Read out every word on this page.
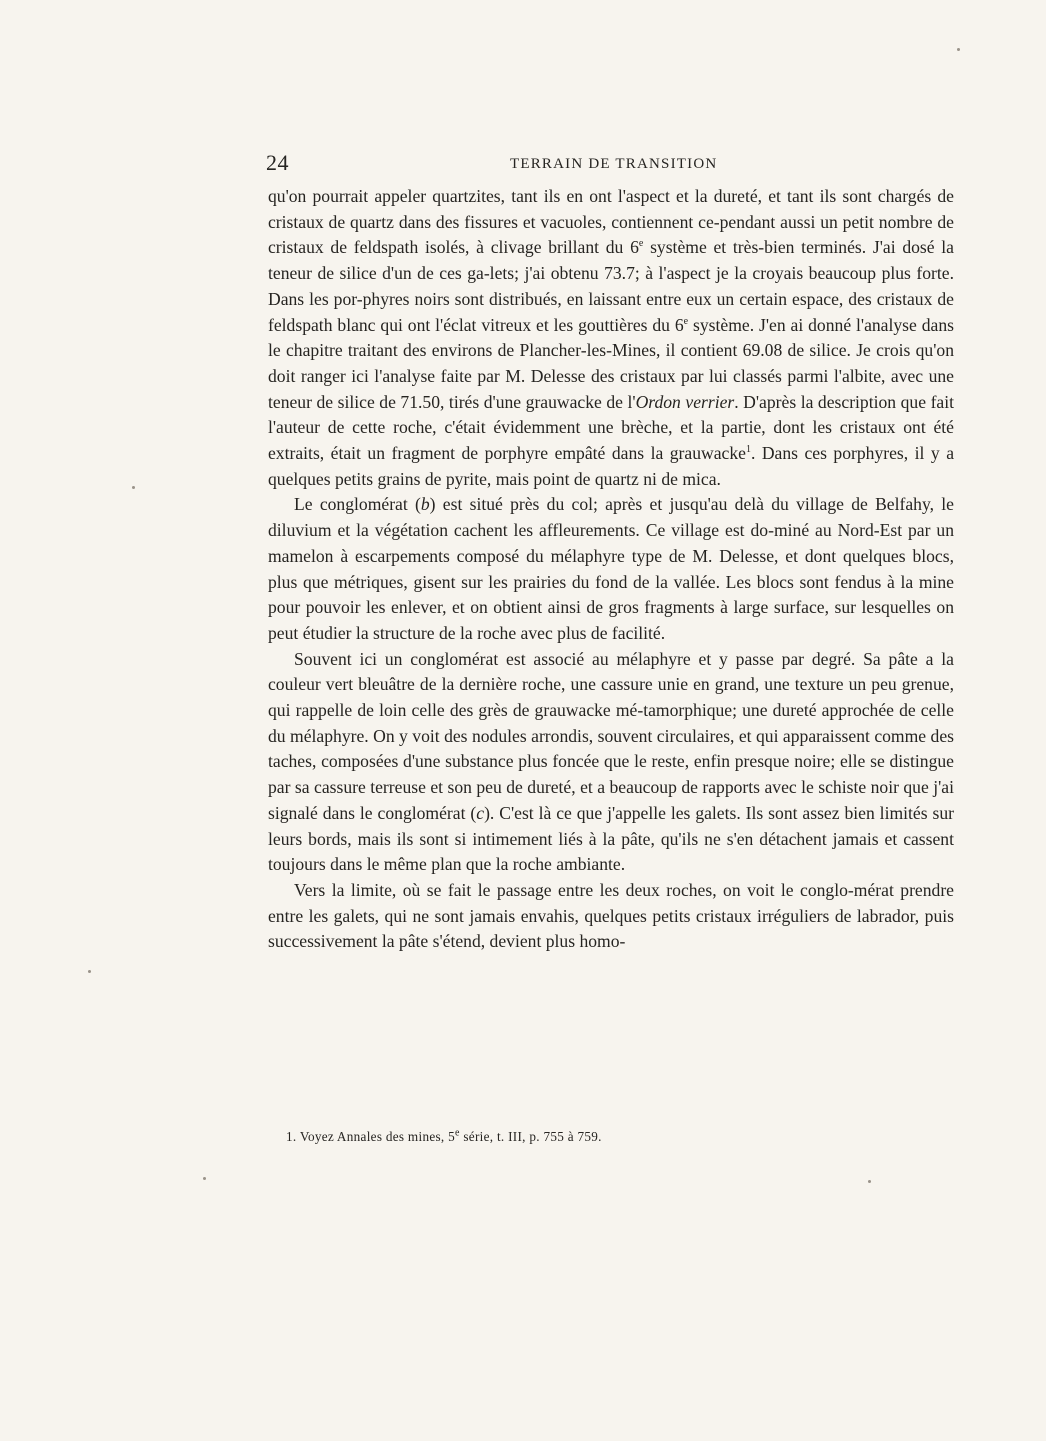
24	TERRAIN DE TRANSITION

qu'on pourrait appeler quartzites, tant ils en ont l'aspect et la dureté, et tant ils sont chargés de cristaux de quartz dans des fissures et vacuoles, contiennent ce-pendant aussi un petit nombre de cristaux de feldspath isolés, à clivage brillant du 6e système et très-bien terminés. J'ai dosé la teneur de silice d'un de ces ga-lets; j'ai obtenu 73.7; à l'aspect je la croyais beaucoup plus forte. Dans les por-phyres noirs sont distribués, en laissant entre eux un certain espace, des cristaux de feldspath blanc qui ont l'éclat vitreux et les gouttières du 6e système. J'en ai donné l'analyse dans le chapitre traitant des environs de Plancher-les-Mines, il contient 69.08 de silice. Je crois qu'on doit ranger ici l'analyse faite par M. Delesse des cristaux par lui classés parmi l'albite, avec une teneur de silice de 71.50, tirés d'une grauwacke de l'Ordon verrier. D'après la description que fait l'auteur de cette roche, c'était évidemment une brèche, et la partie, dont les cristaux ont été extraits, était un fragment de porphyre empâté dans la grauwacke$^1$. Dans ces porphyres, il y a quelques petits grains de pyrite, mais point de quartz ni de mica.

Le conglomérat (b) est situé près du col; après et jusqu'au delà du village de Belfahy, le diluvium et la végétation cachent les affleurements. Ce village est do-miné au Nord-Est par un mamelon à escarpements composé du mélaphyre type de M. Delesse, et dont quelques blocs, plus que métriques, gisent sur les prairies du fond de la vallée. Les blocs sont fendus à la mine pour pouvoir les enlever, et on obtient ainsi de gros fragments à large surface, sur lesquelles on peut étudier la structure de la roche avec plus de facilité.

Souvent ici un conglomérat est associé au mélaphyre et y passe par degré. Sa pâte a la couleur vert bleuâtre de la dernière roche, une cassure unie en grand, une texture un peu grenue, qui rappelle de loin celle des grès de grauwacke mé-tamorphique; une dureté approchée de celle du mélaphyre. On y voit des nodules arrondis, souvent circulaires, et qui apparaissent comme des taches, composées d'une substance plus foncée que le reste, enfin presque noire; elle se distingue par sa cassure terreuse et son peu de dureté, et a beaucoup de rapports avec le schiste noir que j'ai signalé dans le conglomérat (c). C'est là ce que j'appelle les galets. Ils sont assez bien limités sur leurs bords, mais ils sont si intimement liés à la pâte, qu'ils ne s'en détachent jamais et cassent toujours dans le même plan que la roche ambiante.

Vers la limite, où se fait le passage entre les deux roches, on voit le conglo-mérat prendre entre les galets, qui ne sont jamais envahis, quelques petits cristaux irréguliers de labrador, puis successivement la pâte s'étend, devient plus homo-

1. Voyez Annales des mines, 5e série, t. III, p. 755 à 759.
